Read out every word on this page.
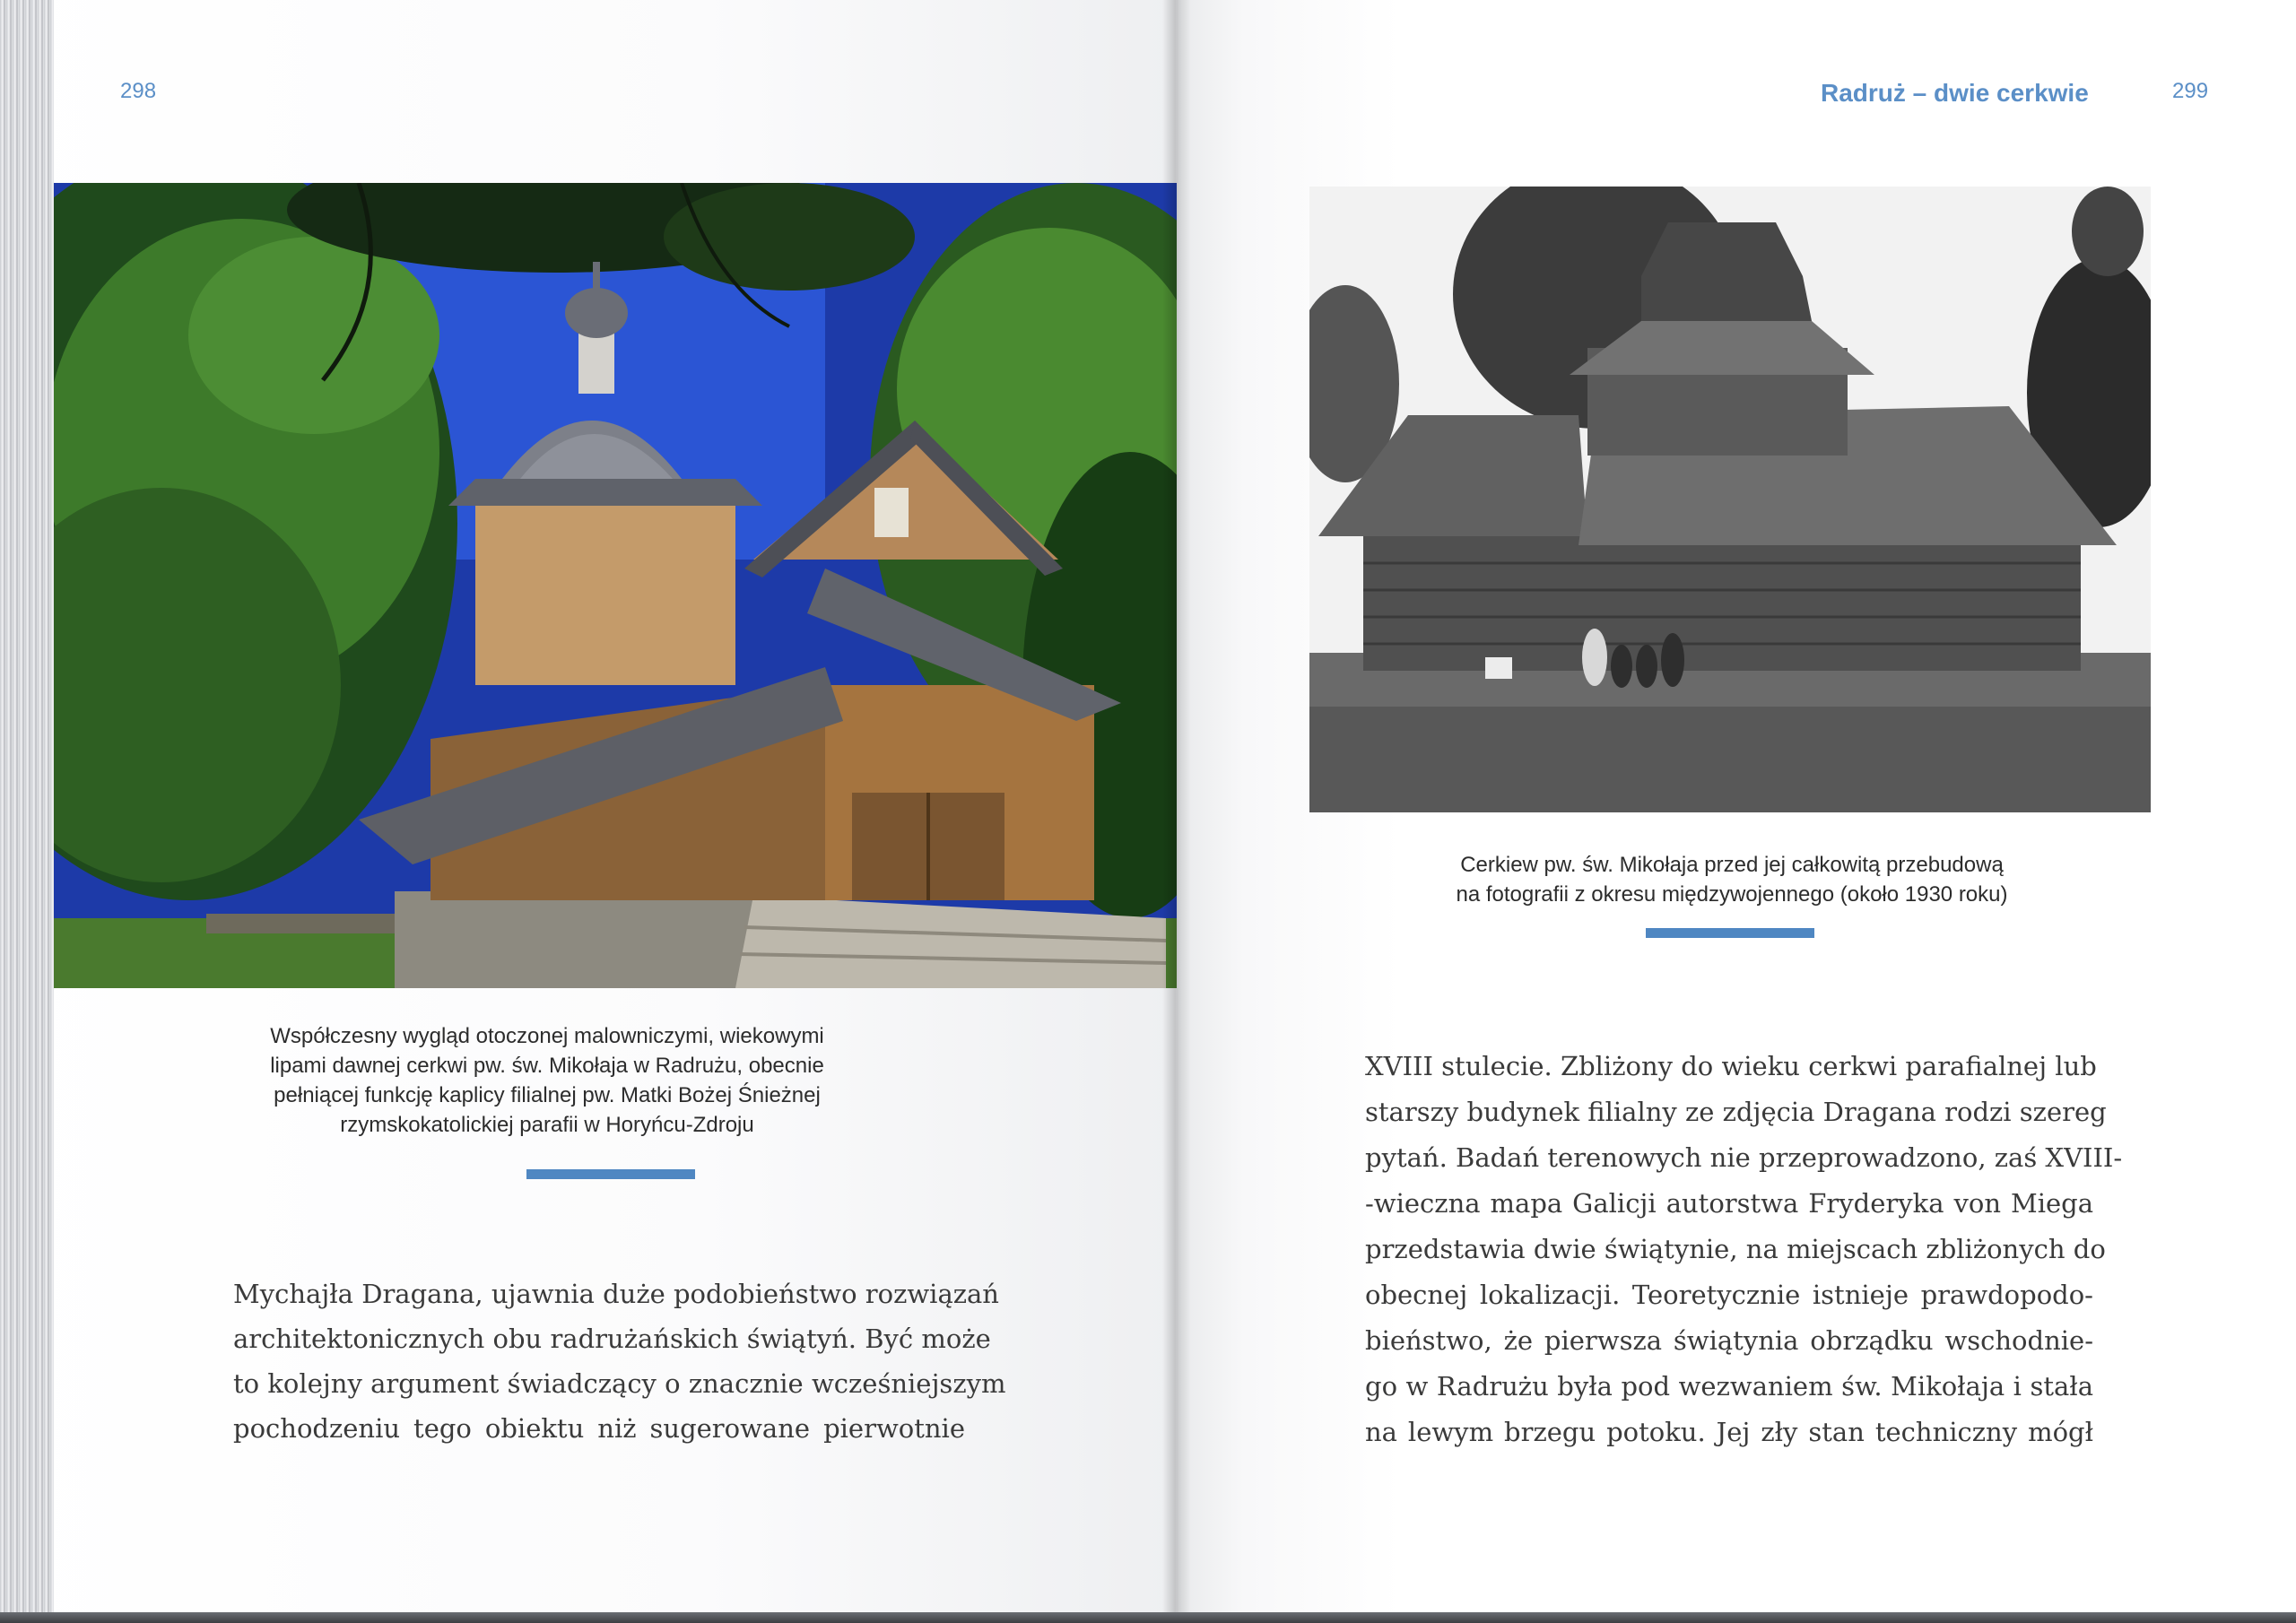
298
Współczesny wygląd otoczonej malowniczymi, wiekowymi
lipami dawnej cerkwi pw. św. Mikołaja w Radrużu, obecnie
pełniącej funkcję kaplicy filialnej pw. Matki Bożej Śnieżnej
rzymskokatolickiej parafii w Horyńcu-Zdroju
Mychajła Dragana, ujawnia duże podobieństwo rozwiązań
architektonicznych obu radrużańskich świątyń. Być może
to kolejny argument świadczący o znacznie wcześniejszym
pochodzeniu tego obiektu niż sugerowane pierwotnie
Radruż – dwie cerkwie	299
Cerkiew pw. św. Mikołaja przed jej całkowitą przebudową
na fotografii z okresu międzywojennego (około 1930 roku)
XVIII stulecie. Zbliżony do wieku cerkwi parafialnej lub
starszy budynek filialny ze zdjęcia Dragana rodzi szereg
pytań. Badań terenowych nie przeprowadzono, zaś XVIII-
-wieczna mapa Galicji autorstwa Fryderyka von Miega
przedstawia dwie świątynie, na miejscach zbliżonych do
obecnej lokalizacji. Teoretycznie istnieje prawdopodo-
bieństwo, że pierwsza świątynia obrządku wschodnie-
go w Radrużu była pod wezwaniem św. Mikołaja i stała
na lewym brzegu potoku. Jej zły stan techniczny mógł
